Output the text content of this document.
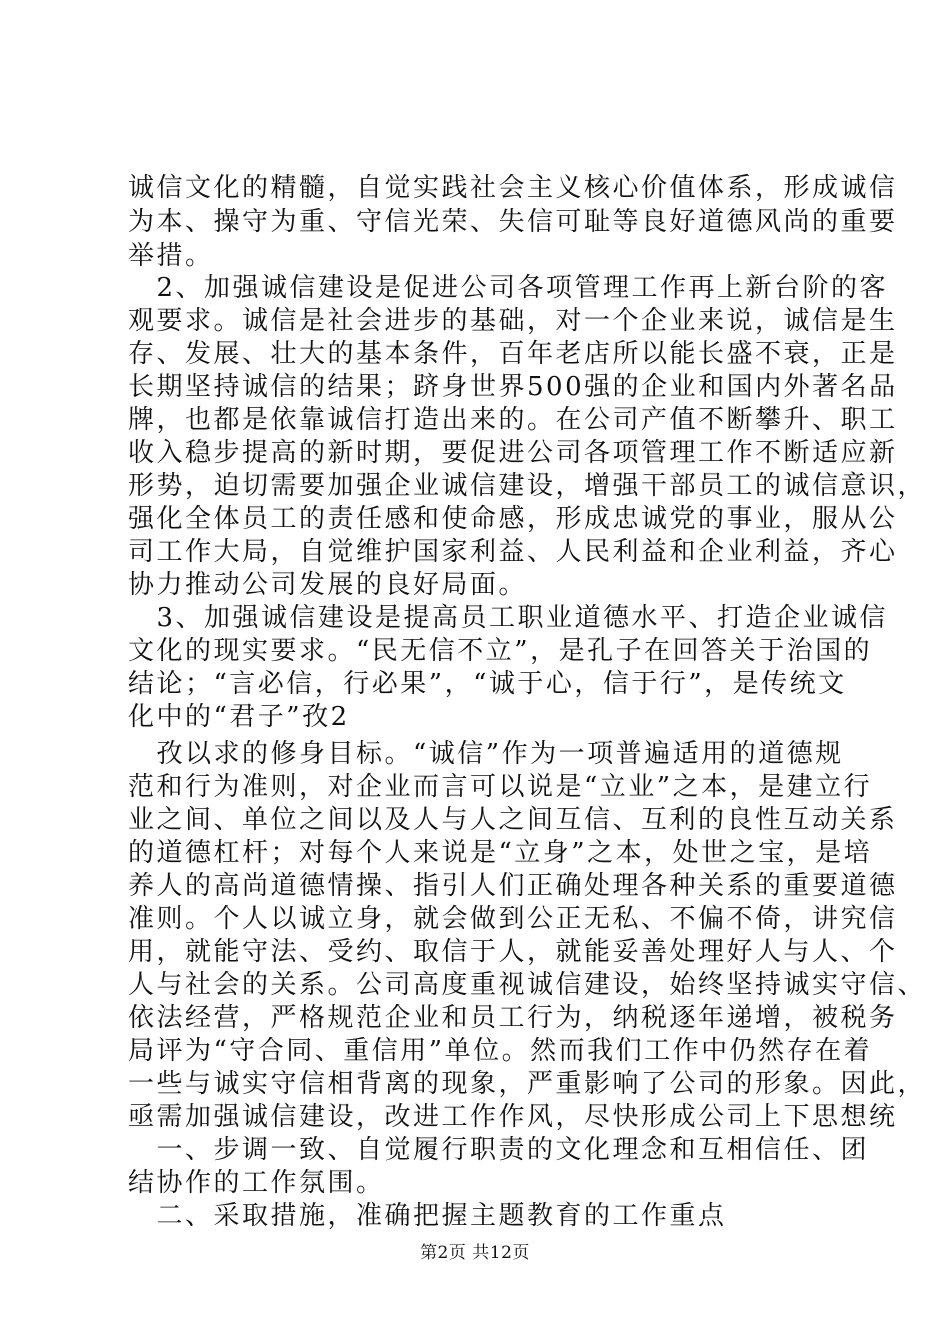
诚信文化的精髓，自觉实践社会主义核心价值体系，形成诚信
为本、操守为重、守信光荣、失信可耻等良好道德风尚的重要
举措。
　2、加强诚信建设是促进公司各项管理工作再上新台阶的客
观要求。诚信是社会进步的基础，对一个企业来说，诚信是生
存、发展、壮大的基本条件，百年老店所以能长盛不衰，正是
长期坚持诚信的结果；跻身世界500强的企业和国内外著名品
牌，也都是依靠诚信打造出来的。在公司产值不断攀升、职工
收入稳步提高的新时期，要促进公司各项管理工作不断适应新
形势，迫切需要加强企业诚信建设，增强干部员工的诚信意识，
强化全体员工的责任感和使命感，形成忠诚党的事业，服从公
司工作大局，自觉维护国家利益、人民利益和企业利益，齐心
协力推动公司发展的良好局面。
　3、加强诚信建设是提高员工职业道德水平、打造企业诚信
文化的现实要求。“民无信不立”，是孔子在回答关于治国的
结论；“言必信，行必果”，“诚于心，信于行”，是传统文
化中的“君子”孜2
　孜以求的修身目标。“诚信”作为一项普遍适用的道德规
范和行为准则，对企业而言可以说是“立业”之本，是建立行
业之间、单位之间以及人与人之间互信、互利的良性互动关系
的道德杠杆；对每个人来说是“立身”之本，处世之宝，是培
养人的高尚道德情操、指引人们正确处理各种关系的重要道德
准则。个人以诚立身，就会做到公正无私、不偏不倚，讲究信
用，就能守法、受约、取信于人，就能妥善处理好人与人、个
人与社会的关系。公司高度重视诚信建设，始终坚持诚实守信、
依法经营，严格规范企业和员工行为，纳税逐年递增，被税务
局评为“守合同、重信用”单位。然而我们工作中仍然存在着
一些与诚实守信相背离的现象，严重影响了公司的形象。因此，
亟需加强诚信建设，改进工作作风，尽快形成公司上下思想统
　一、步调一致、自觉履行职责的文化理念和互相信任、团
结协作的工作氛围。
　二、采取措施，准确把握主题教育的工作重点
第2页 共12页
